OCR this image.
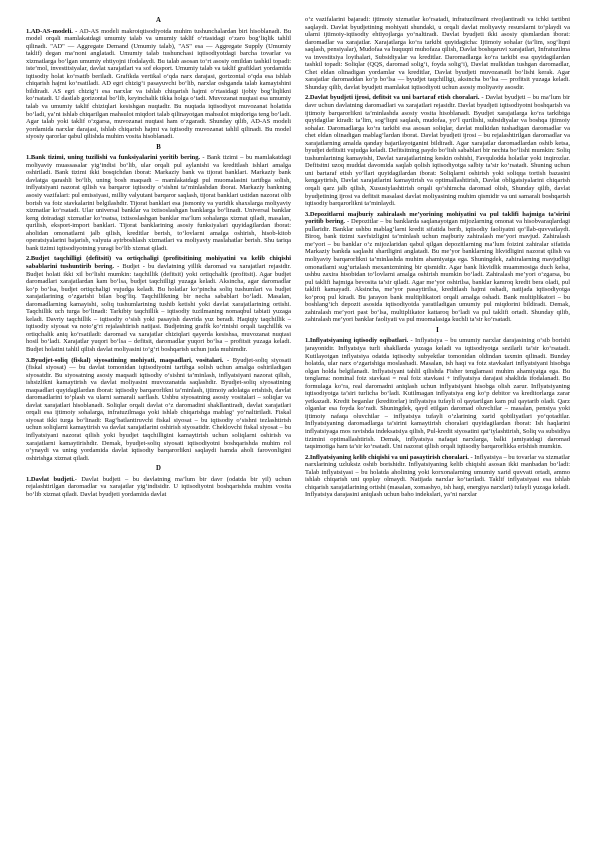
A

1.AD-AS-modeli. - AD-AS modeli makroiqtisodiyotda muhim tushunchalardan biri hisoblanadi. Bu model orqali mamlakatdagi umumiy talab va umumiy taklif o‘rtasidagi o‘zaro bog‘liqlik tahlil qilinadi. "AD" — Aggregate Demand (Umumiy talab), "AS" esa — Aggregate Supply (Umumiy taklif) degan ma’noni anglatadi. Umumiy talab tushunchasi iqtisodiyotdagi barcha tovarlar va xizmatlarga bo‘lgan umumiy ehtiyojni ifodalaydi. Bu talab asosan to‘rt asosiy omildan tashkil topadi: iste’mol, investitsiyalar, davlat xarajatlari va sof eksport. Umumiy talab va taklif grafiklari yordamida iqtisodiy holat ko‘rsatib beriladi. Grafikda vertikal o‘qda narx darajasi, gorizontal o‘qda esa ishlab chiqarish hajmi ko‘rsatiladi. AD egri chizig‘i pasayuvchi bo‘lib, narxlar oshganda talab kamayishini bildiradi. AS egri chizig‘i esa narxlar va ishlab chiqarish hajmi o‘rtasidagi ijobiy bog‘liqlikni ko‘rsatadi. U dastlab gorizontal bo‘lib, keyinchalik tikka holga o‘tadi. Muvozanat nuqtasi esa umumiy talab va umumiy taklif chiziqlari kesishgan nuqtadir. Bu nuqtada iqtisodiyot muvozanat holatida bo‘ladi, ya’ni ishlab chiqarilgan mahsulot miqdori talab qilinayotgan mahsulot miqdoriga teng bo‘ladi. Agar talab yoki taklif o‘zgarsa, muvozanat nuqtasi ham o‘zgaradi. Shunday qilib, AD-AS modeli yordamida narxlar darajasi, ishlab chiqarish hajmi va iqtisodiy muvozanat tahlil qilinadi. Bu model siyosiy qarorlar qabul qilishda muhim vosita hisoblanadi.

B

1.Bank tizimi, uning tuzilishi va funksiyalarini yoritib bering. - Bank tizimi – bu mamlakatdagi moliyaviy muassasalar yig‘indisi bo‘lib, ular orqali pul aylanishi va kreditlash ishlari amalga oshiriladi. Bank tizimi ikki bosqichdan iborat: Markaziy bank va tijorat banklari. Markaziy bank davlatga qarashli bo‘lib, uning bosh maqsadi – mamlakatdagi pul muomalasini tartibga solish, inflyatsiyani nazorat qilish va barqaror iqtisodiy o‘sishni ta’minlashdan iborat. Markaziy bankning asosiy vazifalari: pul emissiyasi, milliy valyutani barqaror saqlash, tijorat banklari ustidan nazorat olib borish va foiz stavkalarini belgilashdir. Tijorat banklari esa jismoniy va yuridik shaxslarga moliyaviy xizmatlar ko‘rsatadi. Ular universal banklar va ixtisoslashgan banklarga bo‘linadi. Universal banklar keng doiradagi xizmatlar ko‘rsatsa, ixtisoslashgan banklar ma’lum sohalarga xizmat qiladi, masalan, qurilish, eksport-import banklari. Tijorat banklarining asosiy funksiyalari quyidagilardan iborat: aholidan omonatlarni jalb qilish, kreditlar berish, to‘lovlarni amalga oshirish, hisob-kitob operatsiyalarini bajarish, valyuta ayirboshlash xizmatlari va moliyaviy maslahatlar berish. Shu tariqa bank tizimi iqtisodiyotning yuragi bo‘lib xizmat qiladi.

2.Budjet taqchilligi (defitsiti) va ortiqchaligi (profitsitining mohiyatini va kelib chiqishi sabablarini tushuntirib bering. - Budjet - bu davlatning yillik daromad va xarajatlari rejasidir. Budjet holati ikki xil bo‘lishi mumkin: taqchillik (defitsit) yoki ortiqchalik (profitsit). Agar budjet daromadlari xarajatlardan kam bo‘lsa, budjet taqchilligi yuzaga keladi. Aksincha, agar daromadlar ko‘p bo‘lsa, budjet ortiqchaligi vujudga keladi. Bu holatlar ko‘pincha soliq tushumlari va budjet xarajatlarining o‘zgarishi bilan bog‘liq. Taqchillikning bir necha sabablari bo‘ladi. Masalan, daromadlarning kamayishi, soliq tushumlarining tushib ketishi yoki davlat xarajatlarining ortishi. Taqchillik uch turga bo‘linadi: Tarkibiy taqchillik – iqtisodiy tuzilmaning nomaqbul tabiati yuzaga keladi. Davriy taqchillik – iqtisodiy o‘sish yoki pasayish davrida yuz beradi. Haqiqiy taqchillik – iqtisodiy siyosat va noto‘g‘ri rejalashtirish natijasi. Budjetning grafik ko‘rinishi orqali taqchillik va ortiqchalik aniq ko‘rsatiladi: daromad va xarajatlar chiziqlari qayerda kesishsa, muvozanat nuqtasi hosil bo‘ladi. Xarajatlar yuqori bo‘lsa – defitsit, daromadlar yuqori bo‘lsa – profitsit yuzaga keladi. Budjet holatini tahlil qilish davlat moliyasini to‘g‘ri boshqarish uchun juda muhimdir.

3.Byudjet-soliq (fiskal) siyosatining mohiyati, maqsadlari, vositalari. - Byudjet-soliq siyosati (fiskal siyosat) — bu davlat tomonidan iqtisodiyotni tartibga solish uchun amalga oshiriladigan siyosatdir. Bu siyosatning asosiy maqsadi iqtisodiy o‘sishni ta’minlash, inflyatsiyani nazorat qilish, ishsizlikni kamaytirish va davlat moliyasini muvozanatda saqlashdir. Byudjet-soliq siyosatining maqsadlari quyidagilardan iborat: iqtisodiy barqarorlikni ta’minlash, ijtimoiy adolatga erishish, davlat daromadlarini to‘plash va ularni samarali sarflash. Ushbu siyosatning asosiy vositalari – soliqlar va davlat xarajatlari hisoblanadi. Soliqlar orqali davlat o‘z daromadini shakllantiradi, davlat xarajatlari orqali esa ijtimoiy sohalarga, infratuzilmaga yoki ishlab chiqarishga mablag‘ yo‘naltiriladi. Fiskal siyosat ikki turga bo‘linadi: Rag‘batlantiruvchi fiskal siyosat – bu iqtisodiy o‘sishni tezlashtirish uchun soliqlarni kamaytirish va davlat xarajatlarini oshirish siyosatidir. Cheklovchi fiskal siyosat – bu inflyatsiyani nazorat qilish yoki byudjet taqchilligini kamaytirish uchun soliqlarni oshirish va xarajatlarni kamaytirishdir. Demak, byudjet-soliq siyosati iqtisodiyotni boshqarishda muhim rol o‘ynaydi va uning yordamida davlat iqtisodiy barqarorlikni saqlaydi hamda aholi farovonligini oshirishga xizmat qiladi.

D

1.Davlat budjeti.- Davlat budjeti – bu davlatning ma’lum bir davr (odatda bir yil) uchun rejalashtirilgan daromadlar va xarajatlar yig‘indisidir. U iqtisodiyotni boshqarishda muhim vosita bo‘lib xizmat qiladi. Davlat byudjeti yordamida davlat

o‘z vazifalarini bajaradi: ijtimoiy xizmatlar ko‘rsatadi, infratuzilmani rivojlantiradi va ichki tartibni saqlaydi. Davlat byudjetining mohiyati shundaki, u orqali davlat moliyaviy resurslarni to‘playdi va ularni ijtimoiy-iqtisodiy ehtiyojlarga yo‘naltiradi. Davlat byudjeti ikki asosiy qismlardan iborat: daromadlar va xarajatlar. Xarajatlarga ko‘ra tarkibi quyidagicha: Ijtimoiy sohalar (ta’lim, sog‘liqni saqlash, pensiyalar), Mudofaa va huquqni muhofaza qilish, Davlat boshqaruvi xarajatlari, Infratuzilma va investitsiya loyihalari, Subsidiyalar va kreditlar. Daromadlarga ko‘ra tarkibi esa quyidagilardan tashkil topadi: Soliqlar (QQS, daromad solig‘i, foyda solig‘i), Davlat mulkidan tushgan daromadlar, Chet eldan olinadigan yordamlar va kreditlar, Davlat byudjeti muvozanatli bo‘lishi kerak. Agar xarajatlar daromaddan ko‘p bo‘lsa — byudjet taqchilligi, aksincha bo‘lsa — profitsit yuzaga keladi. Shunday qilib, davlat byudjeti mamlakat iqtisodiyoti uchun asosiy moliyaviy asosdir.

2.Davlat byudjeti ijrosi, defitsit va uni bartaraf etish choralari. - Davlat byudjeti – bu ma’lum bir davr uchun davlatning daromadlari va xarajatlari rejasidir. Davlat byudjeti iqtisodiyotni boshqarish va ijtimoiy barqarorlikni ta’minlashda asosiy vosita hisoblanadi. Byudjet xarajatlarga ko‘ra tarkibiga quyidagilar kiradi: ta’lim, sog‘liqni saqlash, mudofaa, yo‘l qurilishi, subsidiyalar va boshqa ijtimoiy sohalar. Daromadlarga ko‘ra tarkibi esa asosan soliqlar, davlat mulkidan tushadigan daromadlar va chet eldan olinadigan mablag‘lardan iborat. Davlat byudjeti ijrosi – bu rejalashtirilgan daromadlar va xarajatlarning amalda qanday bajarilayotganini bildiradi. Agar xarajatlar daromadlardan oshib ketsa, byudjet defitsiti vujudga keladi. Defitsitning paydo bo‘lish sabablari bir nechta bo‘lishi mumkin: Soliq tushumlarining kamayishi, Davlat xarajatlarining keskin oshishi, Favqulodda holatlar yoki inqirozlar. Defitsitni uzoq muddat davomida saqlab qolish iqtisodiyotga salbiy ta’sir ko‘rsatadi. Shuning uchun uni bartaraf etish yo‘llari quyidagilardan iborat: Soliqlarni oshirish yoki soliqqa tortish bazasini kengaytirish, Davlat xarajatlarini kamaytirish va optimallashtirish, Davlat obligatsiyalarini chiqarish orqali qarz jalb qilish, Xususiylashtirish orqali qo‘shimcha daromad olish, Shunday qilib, davlat byudjetining ijrosi va defitsit masalasi davlat moliyasining muhim qismidir va uni samarali boshqarish iqtisodiy barqarorlikni ta’minlaydi.

3.Depozitlarni majburiy zahiralash me’yorining mohiyatini va pul taklifi hajmiga ta’sirini yoritib bering. - Depozitlar – bu banklarda saqlanayotgan mijozlarning omonat va hisobvaraqlardagi pullaridir. Banklar ushbu mablag‘larni kredit sifatida berib, iqtisodiy faoliyatni qo‘llab-quvvatlaydi. Biroq, bank tizimi xavfsizligini ta’minlash uchun majburiy zahiralash me’yori mavjud. Zahiralash me’yori – bu banklar o‘z mijozlaridan qabul qilgan depozitlarning ma’lum foizini zahiralar sifatida Markaziy bankda saqlashi shartligini anglatadi. Bu me’yor banklarning likvidligini nazorat qilish va moliyaviy barqarorlikni ta’minlashda muhim ahamiyatga ega. Shuningdek, zahiralarning mavjudligi omonatlarni sug‘urtalash mexanizmining bir qismidir. Agar bank likvidlik muammosiga duch kelsa, ushbu zaxira hisobidan to‘lovlarni amalga oshirish mumkin bo‘ladi. Zahiralash me’yori o‘zgarsa, bu pul taklifi hajmiga bevosita ta’sir qiladi. Agar me’yor oshirilsa, banklar kamroq kredit bera oladi, pul taklifi kamayadi. Aksincha, me’yor pasaytirilsa, kreditlash hajmi oshadi, natijada iqtisodiyotga ko‘proq pul kiradi. Bu jarayon bank multiplikatori orqali amalga oshadi. Bank multiplikatori – bu boshlang‘ich depozit asosida iqtisodiyotda yaratiladigan umumiy pul miqdorini bildiradi. Demak, zahiralash me’yori past bo‘lsa, multiplikator kattaroq bo‘ladi va pul taklifi ortadi. Shunday qilib, zahiralash me’yori banklar faoliyati va pul muomalasiga kuchli ta’sir ko‘rsatadi.

I

1.Inflyatsiyaning iqtisodiy oqibatlari. - Inflyatsiya – bu umumiy narxlar darajasining o‘sib borishi jarayonidir. Inflyatsiya turli shakllarda yuzaga keladi va iqtisodiyotga sezilarli ta’sir ko‘rsatadi. Kutilayotgan inflyatsiya odatda iqtisodiy subyektlar tomonidan oldindan taxmin qilinadi. Bunday holatda, ular narx o‘zgarishiga moslashadi. Masalan, ish haqi va foiz stavkalari inflyatsiyani hisobga olgan holda belgilanadi. Inflyatsiyani tahlil qilishda Fisher tenglamasi muhim ahamiyatga ega. Bu tenglama: nominal foiz stavkasi = real foiz stavkasi + inflyatsiya darajasi shaklida ifodalanadi. Bu formulaga ko‘ra, real daromadni aniqlash uchun inflyatsiyani hisobga olish zarur. Inflyatsiyaning iqtisodiyotga ta’siri turlicha bo‘ladi. Kutilmagan inflyatsiya eng ko‘p debitor va kreditorlarga zarar yetkazadi. Kredit beganlar (kreditorlar) inflyatsiya tufayli ol qaytarilgan kam pul qaytarib oladi. Qarz olganlar esa foyda ko‘radi. Shuningdek, qayd etilgan daromad oluvchilar – masalan, pensiya yoki ijtimoiy nafaqa oluvchilar – inflyatsiya tufayli o‘zlarining xarid qobiliyatlari yo‘qotadilar. Inflyatsiyaning daromadlarga ta’sirini kamaytirish choralari quyidagilardan iborat: Ish haqlarini inflyatsiyaga mos ravishda indeksatsiya qilish, Pul-kredit siyosatini qat’iylashtirish, Soliq va subsidiya tizimini optimallashtirish. Demak, inflyatsiya nafaqat narxlarga, balki jamiyatdagi daromad taqsimotiga ham ta’sir ko‘rsatadi. Uni nazorat qilish orqali iqtisodiy barqarorlikka erishish mumkin.

2.Inflyatsiyaning kelib chiqishi va uni pasaytirish choralari. - Inflyatsiya – bu tovarlar va xizmatlar narxlarining uzluksiz oshib borishidir. Inflyatsiyaning kelib chiqishi asosan ikki manbadan bo‘ladi: Talab inflyatsiyasi – bu holatda aholining yoki korxonalarning umumiy xarid quvvati ortadi, ammo ishlab chiqarish uni qoplay olmaydi. Natijada narxlar ko‘tariladi. Taklif inflyatsiyasi esa ishlab chiqarish xarajatlarining ortishi (masalan, xomashyo, ish haqi, energiya narxlari) tufayli yuzaga keladi. Inflyatsiya darajasini aniqlash uchun baho indekslari, ya’ni narxlar
